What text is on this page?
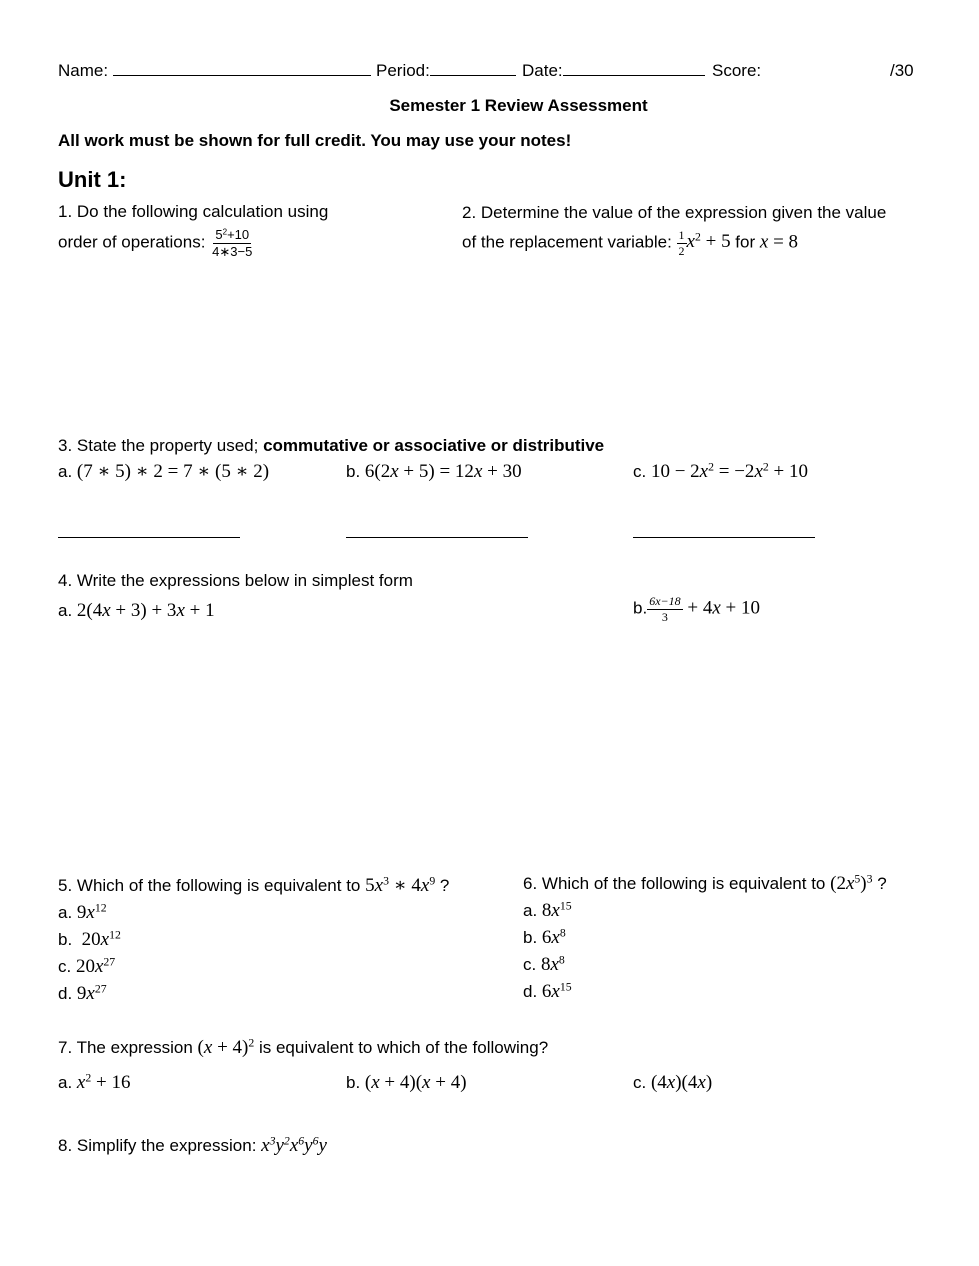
Name:	Period:	Date:	Score:	/30
Semester 1 Review Assessment
All work must be shown for full credit. You may use your notes!
Unit 1:
1. Do the following calculation using
order of operations: $\frac{5^2+10}{4∗3-5}$
2. Determine the value of the expression given the value
of the replacement variable: $\frac{1}{2} x^2 + 5$ for x = 8
3. State the property used; commutative or associative or distributive
a. (7 ∗ 5) ∗ 2 = 7 ∗ (5 ∗ 2)	b. 6(2x + 5) = 12x + 30	c. $10 - 2x^2 = -2x^2 + 10$
4. Write the expressions below in simplest form
a. 2(4x + 3) + 3x + 1	b. $\frac{6x-18}{3} + 4x + 10$
5. Which of the following is equivalent to $5x^3$ ∗ $4x^9$ ?
a. $9x^{12}$
b.  $20x^{12}$
c. $20x^{27}$
d. $9x^{27}$
6. Which of the following is equivalent to $(2x^5)^3$ ?
a. $8x^{15}$
b. $6x^8$
c. $8x^8$
d. $6x^{15}$
7. The expression $(x + 4)^2$ is equivalent to which of the following?
a. $x^2 + 16$	b. (x + 4)(x + 4)	c. (4x)(4x)
8. Simplify the expression: $x^3y^2x^6y^6y$
